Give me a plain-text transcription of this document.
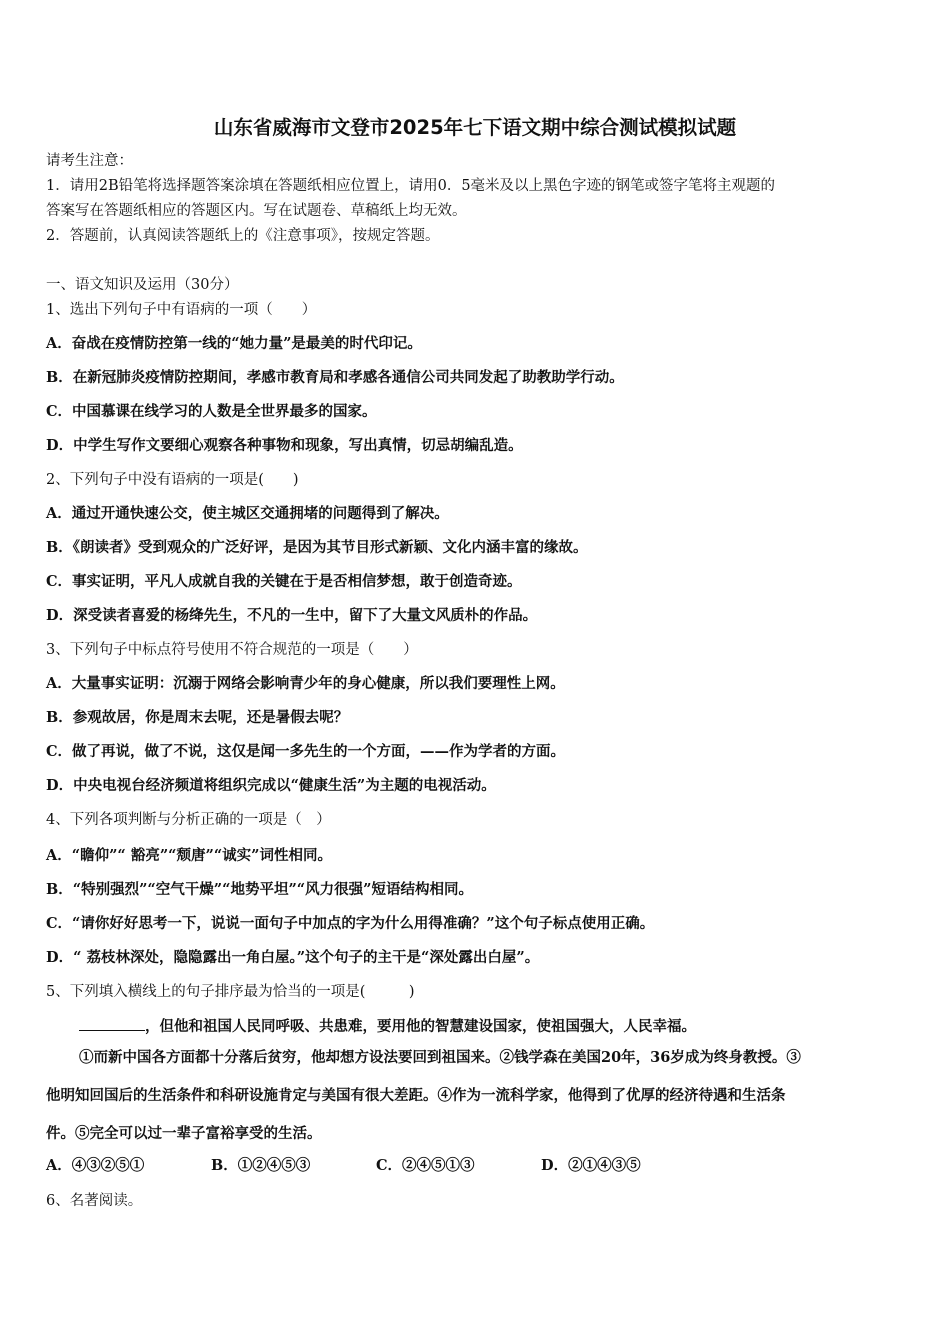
山东省威海市文登市2025年七下语文期中综合测试模拟试题
请考生注意：
1．请用2B铅笔将选择题答案涂填在答题纸相应位置上，请用0．5毫米及以上黑色字迹的钢笔或签字笔将主观题的
答案写在答题纸相应的答题区内。写在试题卷、草稿纸上均无效。
2．答题前，认真阅读答题纸上的《注意事项》，按规定答题。
一、语文知识及运用（30分）
1、选出下列句子中有语病的一项（　　）
A．奋战在疫情防控第一线的“她力量”是最美的时代印记。
B．在新冠肺炎疫情防控期间，孝感市教育局和孝感各通信公司共同发起了助教助学行动。
C．中国慕课在线学习的人数是全世界最多的国家。
D．中学生写作文要细心观察各种事物和现象，写出真情，切忌胡编乱造。
2、下列句子中没有语病的一项是(　　)
A．通过开通快速公交，使主城区交通拥堵的问题得到了解决。
B．《朗读者》受到观众的广泛好评，是因为其节目形式新颖、文化内涵丰富的缘故。
C．事实证明，平凡人成就自我的关键在于是否相信梦想，敢于创造奇迹。
D．深受读者喜爱的杨绛先生，不凡的一生中，留下了大量文风质朴的作品。
3、下列句子中标点符号使用不符合规范的一项是（　　）
A．大量事实证明：沉溺于网络会影响青少年的身心健康，所以我们要理性上网。
B．参观故居，你是周末去呢，还是暑假去呢？
C．做了再说，做了不说，这仅是闻一多先生的一个方面，——作为学者的方面。
D．中央电视台经济频道将组织完成以“健康生活”为主题的电视活动。
4、下列各项判断与分析正确的一项是（　）
A．“瞻仰”“ 豁亮”“颓唐”“诚实”词性相同。
B．“特别强烈”“空气干燥”“地势平坦”“风力很强”短语结构相同。
C．“请你好好思考一下，说说一面句子中加点的字为什么用得准确？”这个句子标点使用正确。
D．“ 荔枝林深处，隐隐露出一角白屋。”这个句子的主干是“深处露出白屋”。
5、下列填入横线上的句子排序最为恰当的一项是(　　　)
，但他和祖国人民同呼吸、共患难，要用他的智慧建设国家，使祖国强大，人民幸福。
①而新中国各方面都十分落后贫穷，他却想方设法要回到祖国来。②钱学森在美国20年，36岁成为终身教授。③
他明知回国后的生活条件和科研设施肯定与美国有很大差距。④作为一流科学家，他得到了优厚的经济待遇和生活条
件。⑤完全可以过一辈子富裕享受的生活。
A．④③②⑤①	B．①②④⑤③	C．②④⑤①③	D．②①④③⑤
6、名著阅读。
